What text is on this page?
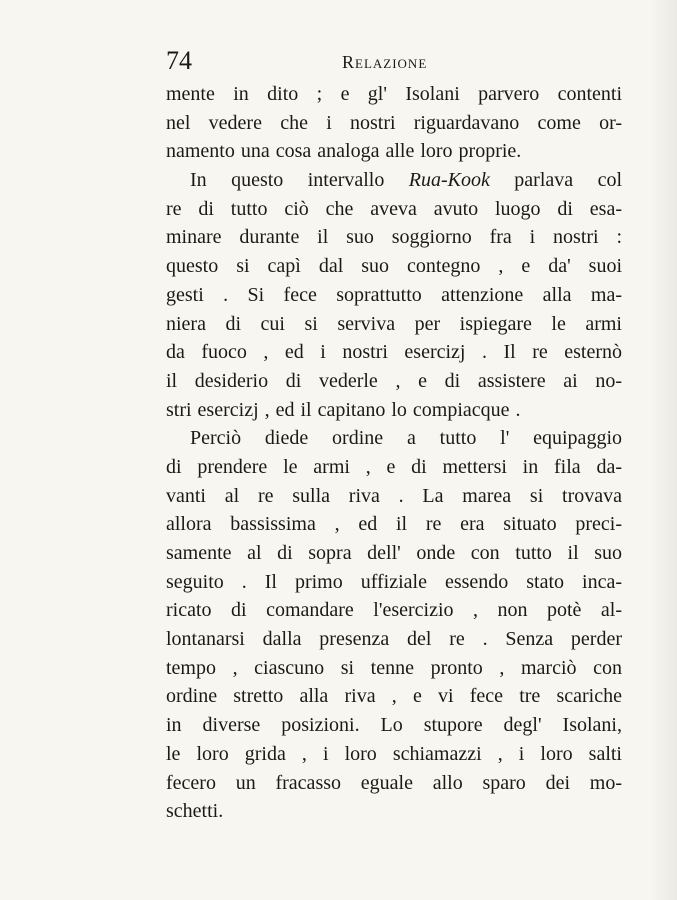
74	Relazione
mente in dito ; e gl' Isolani parvero contenti
nel vedere che i nostri riguardavano come or-
namento una cosa analoga alle loro proprie.
In questo intervallo Rua-Kook parlava col
re di tutto ciò che aveva avuto luogo di esa-
minare durante il suo soggiorno fra i nostri :
questo si capì dal suo contegno , e da' suoi
gesti . Si fece soprattutto attenzione alla ma-
niera di cui si serviva per ispiegare le armi
da fuoco , ed i nostri esercizj . Il re esternò
il desiderio di vederle , e di assistere ai no-
stri esercizj , ed il capitano lo compiacque .
Perciò diede ordine a tutto l' equipaggio
di prendere le armi , e di mettersi in fila da-
vanti al re sulla riva . La marea si trovava
allora bassissima , ed il re era situato preci-
samente al di sopra dell' onde con tutto il suo
seguito . Il primo uffiziale essendo stato inca-
ricato di comandare l'esercizio , non potè al-
lontanarsi dalla presenza del re . Senza perder
tempo , ciascuno si tenne pronto , marciò con
ordine stretto alla riva , e vi fece tre scariche
in diverse posizioni. Lo stupore degl' Isolani,
le loro grida , i loro schiamazzi , i loro salti
fecero un fracasso eguale allo sparo dei mo-
schetti.
